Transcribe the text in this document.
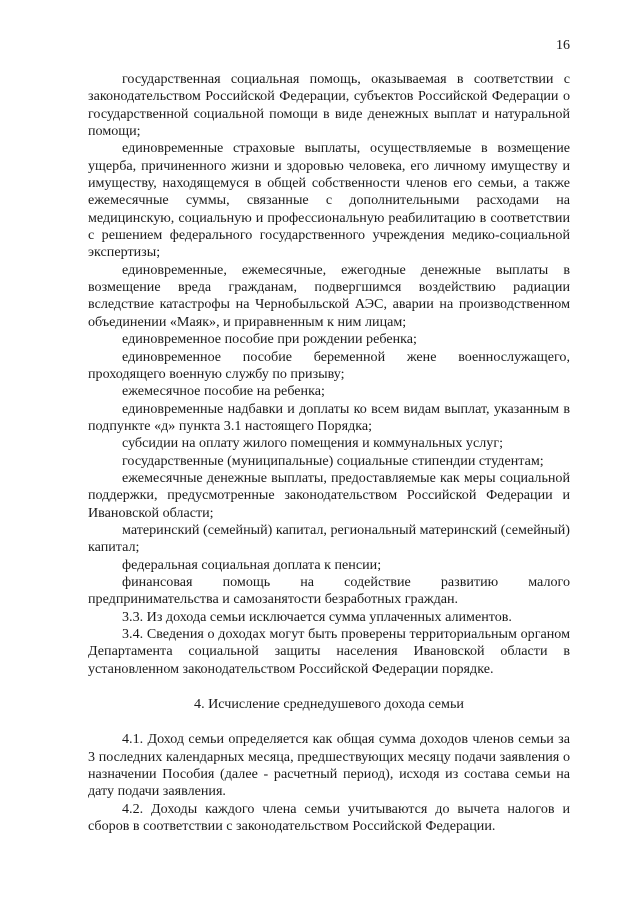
16

государственная социальная помощь, оказываемая в соответствии с законодательством Российской Федерации, субъектов Российской Федерации о государственной социальной помощи в виде денежных выплат и натуральной помощи;

единовременные страховые выплаты, осуществляемые в возмещение ущерба, причиненного жизни и здоровью человека, его личному имуществу и имуществу, находящемуся в общей собственности членов его семьи, а также ежемесячные суммы, связанные с дополнительными расходами на медицинскую, социальную и профессиональную реабилитацию в соответствии с решением федерального государственного учреждения медико-социальной экспертизы;

единовременные, ежемесячные, ежегодные денежные выплаты в возмещение вреда гражданам, подвергшимся воздействию радиации вследствие катастрофы на Чернобыльской АЭС, аварии на производственном объединении «Маяк», и приравненным к ним лицам;

единовременное пособие при рождении ребенка;

единовременное пособие беременной жене военнослужащего, проходящего военную службу по призыву;

ежемесячное пособие на ребенка;

единовременные надбавки и доплаты ко всем видам выплат, указанным в подпункте «д» пункта 3.1 настоящего Порядка;

субсидии на оплату жилого помещения и коммунальных услуг;

государственные (муниципальные) социальные стипендии студентам;

ежемесячные денежные выплаты, предоставляемые как меры социальной поддержки, предусмотренные законодательством Российской Федерации и Ивановской области;

материнский (семейный) капитал, региональный материнский (семейный) капитал;

федеральная социальная доплата к пенсии;

финансовая помощь на содействие развитию малого предпринимательства и самозанятости безработных граждан.

3.3. Из дохода семьи исключается сумма уплаченных алиментов.

3.4. Сведения о доходах могут быть проверены территориальным органом Департамента социальной защиты населения Ивановской области в установленном законодательством Российской Федерации порядке.

4. Исчисление среднедушевого дохода семьи

4.1. Доход семьи определяется как общая сумма доходов членов семьи за 3 последних календарных месяца, предшествующих месяцу подачи заявления о назначении Пособия (далее - расчетный период), исходя из состава семьи на дату подачи заявления.

4.2. Доходы каждого члена семьи учитываются до вычета налогов и сборов в соответствии с законодательством Российской Федерации.
